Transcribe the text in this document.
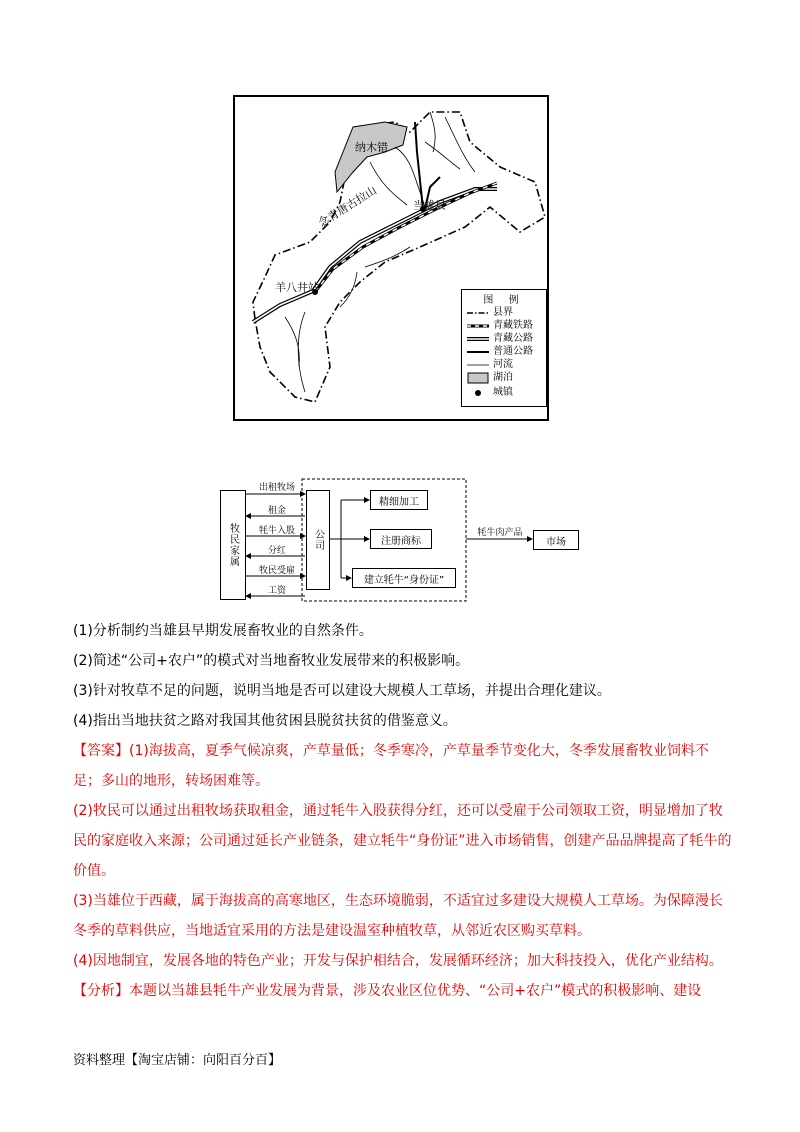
纳木错
念青唐古拉山	当雄县
羊八井站
图 例
县界
青藏铁路
青藏公路
普通公路
河流
湖泊
城镇
牧民家属	公司
出租牧场
租金
牦牛入股
分红
牧民受雇
工资
精细加工
注册商标
建立牦牛“身份证”
牦牛肉产品
市场
(1)分析制约当雄县早期发展畜牧业的自然条件。
(2)简述“公司+农户”的模式对当地畜牧业发展带来的积极影响。
(3)针对牧草不足的问题，说明当地是否可以建设大规模人工草场，并提出合理化建议。
(4)指出当地扶贫之路对我国其他贫困县脱贫扶贫的借鉴意义。

【答案】(1)海拔高，夏季气候凉爽，产草量低；冬季寒冷，产草量季节变化大，冬季发展畜牧业饲料不足；多山的地形，转场困难等。

(2)牧民可以通过出租牧场获取租金，通过牦牛入股获得分红，还可以受雇于公司领取工资，明显增加了牧民的家庭收入来源；公司通过延长产业链条，建立牦牛“身份证”进入市场销售，创建产品品牌提高了牦牛的价值。

(3)当雄位于西藏，属于海拔高的高寒地区，生态环境脆弱，不适宜过多建设大规模人工草场。为保障漫长冬季的草料供应，当地适宜采用的方法是建设温室种植牧草，从邻近农区购买草料。

(4)因地制宜，发展各地的特色产业；开发与保护相结合，发展循环经济；加大科技投入，优化产业结构。

【分析】本题以当雄县牦牛产业发展为背景，涉及农业区位优势、“公司+农户”模式的积极影响、建设

资料整理【淘宝店铺：向阳百分百】
